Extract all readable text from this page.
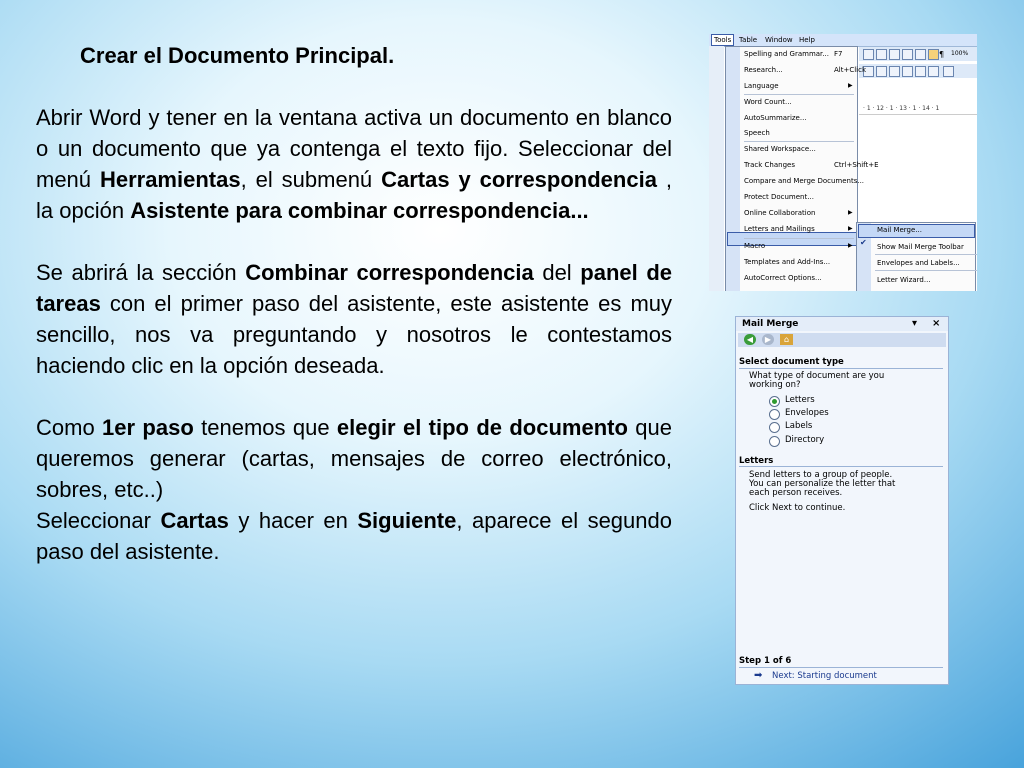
Crear el Documento Principal.

Abrir Word y tener en la ventana activa un documento en blanco o un documento que ya contenga el texto fijo. Seleccionar del menú Herramientas, el submenú Cartas y correspondencia , la opción Asistente para combinar correspondencia...

Se abrirá la sección Combinar correspondencia del panel de tareas con el primer paso del asistente, este asistente es muy sencillo, nos va preguntando y nosotros le contestamos haciendo clic en la opción deseada.

Como 1er paso tenemos que elegir el tipo de documento que queremos generar (cartas, mensajes de correo electrónico, sobres, etc..)

Seleccionar Cartas y hacer en Siguiente, aparece el segundo paso del asistente.

Tools	Table Window Help
¶ 100%
· 1 · 12 · 1 · 13 · 1 · 14 · 1
Spelling and Grammar... F7
Research...	Alt+Click
Language	▶
Word Count...
AutoSummarize...
Speech
Shared Workspace...
Track Changes	Ctrl+Shift+E
Compare and Merge Documents...
Protect Document...
Online Collaboration	▶
Letters and Mailings	▶
Macro	▶
Templates and Add-Ins...
AutoCorrect Options...
✔
Mail Merge...
Show Mail Merge Toolbar
Envelopes and Labels...
Letter Wizard...
Mail Merge	▾ ×
◀	▶	⌂
Select document type
What type of document are you
working on?
Letters
Envelopes
Labels
Directory
Letters
Send letters to a group of people.
You can personalize the letter that
each person receives.
Click Next to continue.
Step 1 of 6
➡ Next: Starting document
